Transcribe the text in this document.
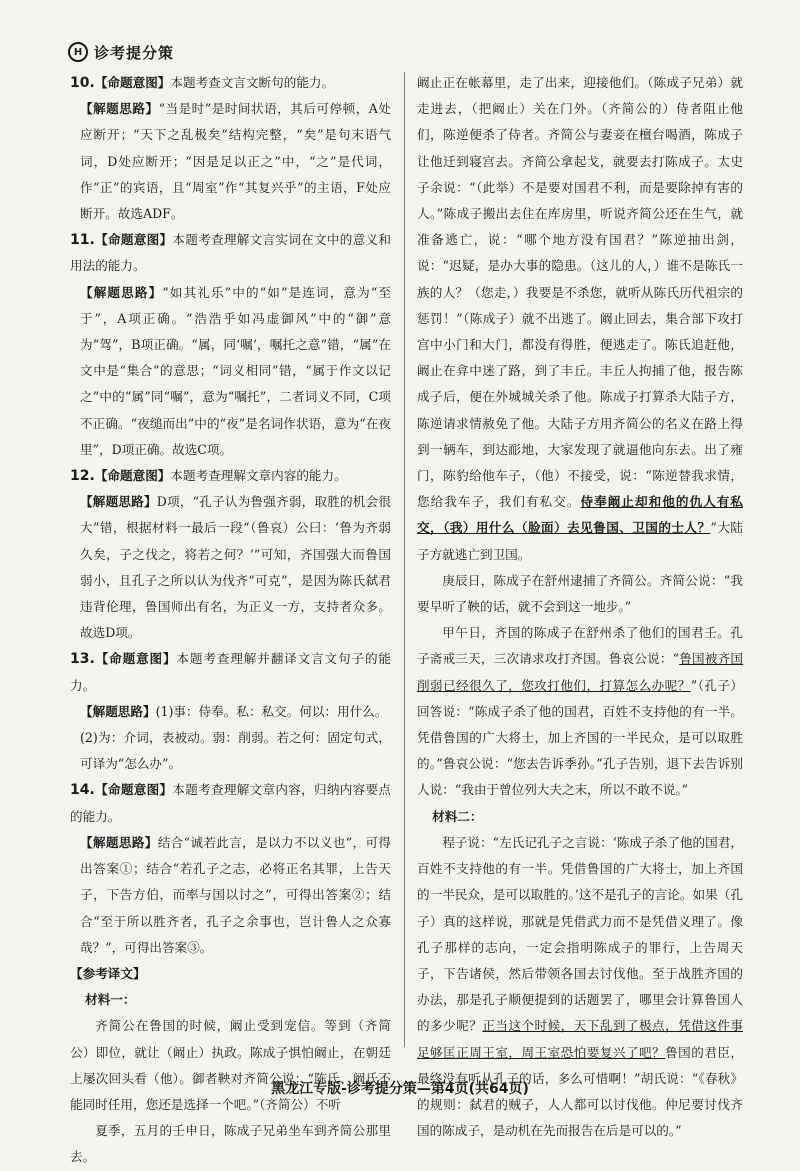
H 诊考提分策

10.【命题意图】本题考查文言文断句的能力。

【解题思路】“当是时”是时间状语，其后可停顿，A处应断开；“天下之乱极矣”结构完整，“矣”是句末语气词，D处应断开；“因是足以正之”中，“之”是代词，作“正”的宾语，且“周室”作“其复兴乎”的主语，F处应断开。故选ADF。

11.【命题意图】本题考查理解文言实词在文中的意义和用法的能力。

【解题思路】“如其礼乐”中的“如”是连词，意为“至于”，A项正确。“浩浩乎如冯虚御风”中的“御”意为“驾”，B项正确。“属，同‘嘱’，嘱托之意”错，“属”在文中是“集合”的意思；“词义相同”错，“属于作文以记之”中的“属”同“嘱”，意为“嘱托”，二者词义不同，C项不正确。“夜缒而出”中的“夜”是名词作状语，意为“在夜里”，D项正确。故选C项。

12.【命题意图】本题考查理解文章内容的能力。

【解题思路】D项，“孔子认为鲁强齐弱，取胜的机会很大”错，根据材料一最后一段“（鲁哀）公曰：‘鲁为齐弱久矣，子之伐之，将若之何？’”可知，齐国强大而鲁国弱小，且孔子之所以认为伐齐“可克”，是因为陈氏弑君违背伦理，鲁国师出有名，为正义一方，支持者众多。故选D项。

13.【命题意图】本题考查理解并翻译文言文句子的能力。

【解题思路】(1)事：侍奉。私：私交。何以：用什么。

(2)为：介词，表被动。弱：削弱。若之何：固定句式，可译为“怎么办”。

14.【命题意图】本题考查理解文章内容，归纳内容要点的能力。

【解题思路】结合“诚若此言，是以力不以义也”，可得出答案①；结合“若孔子之志，必将正名其罪，上告天子，下告方伯，而率与国以讨之”，可得出答案②；结合“至于所以胜齐者，孔子之余事也，岂计鲁人之众寡哉？”，可得出答案③。

【参考译文】

材料一：

齐简公在鲁国的时候，阚止受到宠信。等到（齐简公）即位，就让（阚止）执政。陈成子惧怕阚止，在朝廷上屡次回头看（他）。御者鞅对齐简公说：“陈氏、阚氏不能同时任用，您还是选择一个吧。”（齐简公）不听

夏季，五月的壬申日，陈成子兄弟坐车到齐简公那里去。

阚止正在帐幕里，走了出来，迎接他们。（陈成子兄弟）就走进去，（把阚止）关在门外。（齐简公的）侍者阻止他们，陈逆便杀了侍者。齐简公与妻妾在檀台喝酒，陈成子让他迁到寝宫去。齐简公拿起戈，就要去打陈成子。太史子余说：“（此举）不是要对国君不利，而是要除掉有害的人。”陈成子搬出去住在库房里，听说齐简公还在生气，就准备逃亡，说：“哪个地方没有国君？”陈逆抽出剑，说：“迟疑，是办大事的隐患。（这儿的人，）谁不是陈氏一族的人？（您走，）我要是不杀您，就听从陈氏历代祖宗的惩罚！”（陈成子）就不出逃了。阚止回去，集合部下攻打宫中小门和大门，都没有得胜，便逃走了。陈氏追赶他，阚止在弇中迷了路，到了丰丘。丰丘人拘捕了他，报告陈成子后，便在外城城关杀了他。陈成子打算杀大陆子方，陈逆请求情赦免了他。大陆子方用齐简公的名义在路上得到一辆车，到达耏地，大家发现了就逼他向东去。出了雍门，陈豹给他车子，（他）不接受，说：“陈逆替我求情，您给我车子，我们有私交。侍奉阚止却和他的仇人有私交，（我）用什么（脸面）去见鲁国、卫国的士人？”大陆子方就逃亡到卫国。

庚辰日，陈成子在舒州逮捕了齐简公。齐简公说：“我要早听了鞅的话，就不会到这一地步。”

甲午日，齐国的陈成子在舒州杀了他们的国君壬。孔子斋戒三天，三次请求攻打齐国。鲁哀公说：“鲁国被齐国削弱已经很久了，您攻打他们，打算怎么办呢？”（孔子）回答说：“陈成子杀了他的国君，百姓不支持他的有一半。凭借鲁国的广大将士，加上齐国的一半民众，是可以取胜的。”鲁哀公说：“您去告诉季孙。”孔子告别，退下去告诉别人说：“我由于曾位列大夫之末，所以不敢不说。”

材料二：

程子说：“左氏记孔子之言说：‘陈成子杀了他的国君，百姓不支持他的有一半。凭借鲁国的广大将士，加上齐国的一半民众，是可以取胜的。’这不是孔子的言论。如果（孔子）真的这样说，那就是凭借武力而不是凭借义理了。像孔子那样的志向，一定会指明陈成子的罪行，上告周天子，下告诸侯，然后带领各国去讨伐他。至于战胜齐国的办法，那是孔子顺便提到的话题罢了，哪里会计算鲁国人的多少呢？正当这个时候，天下乱到了极点，凭借这件事足够匡正周王室，周王室恐怕要复兴了吧？鲁国的君臣，最终没有听从孔子的话，多么可惜啊！”胡氏说：“《春秋》的规则：弑君的贼子，人人都可以讨伐他。仲尼要讨伐齐国的陈成子，是动机在先而报告在后是可以的。”

黑龙江专版-诊考提分策—第4页(共64页)
